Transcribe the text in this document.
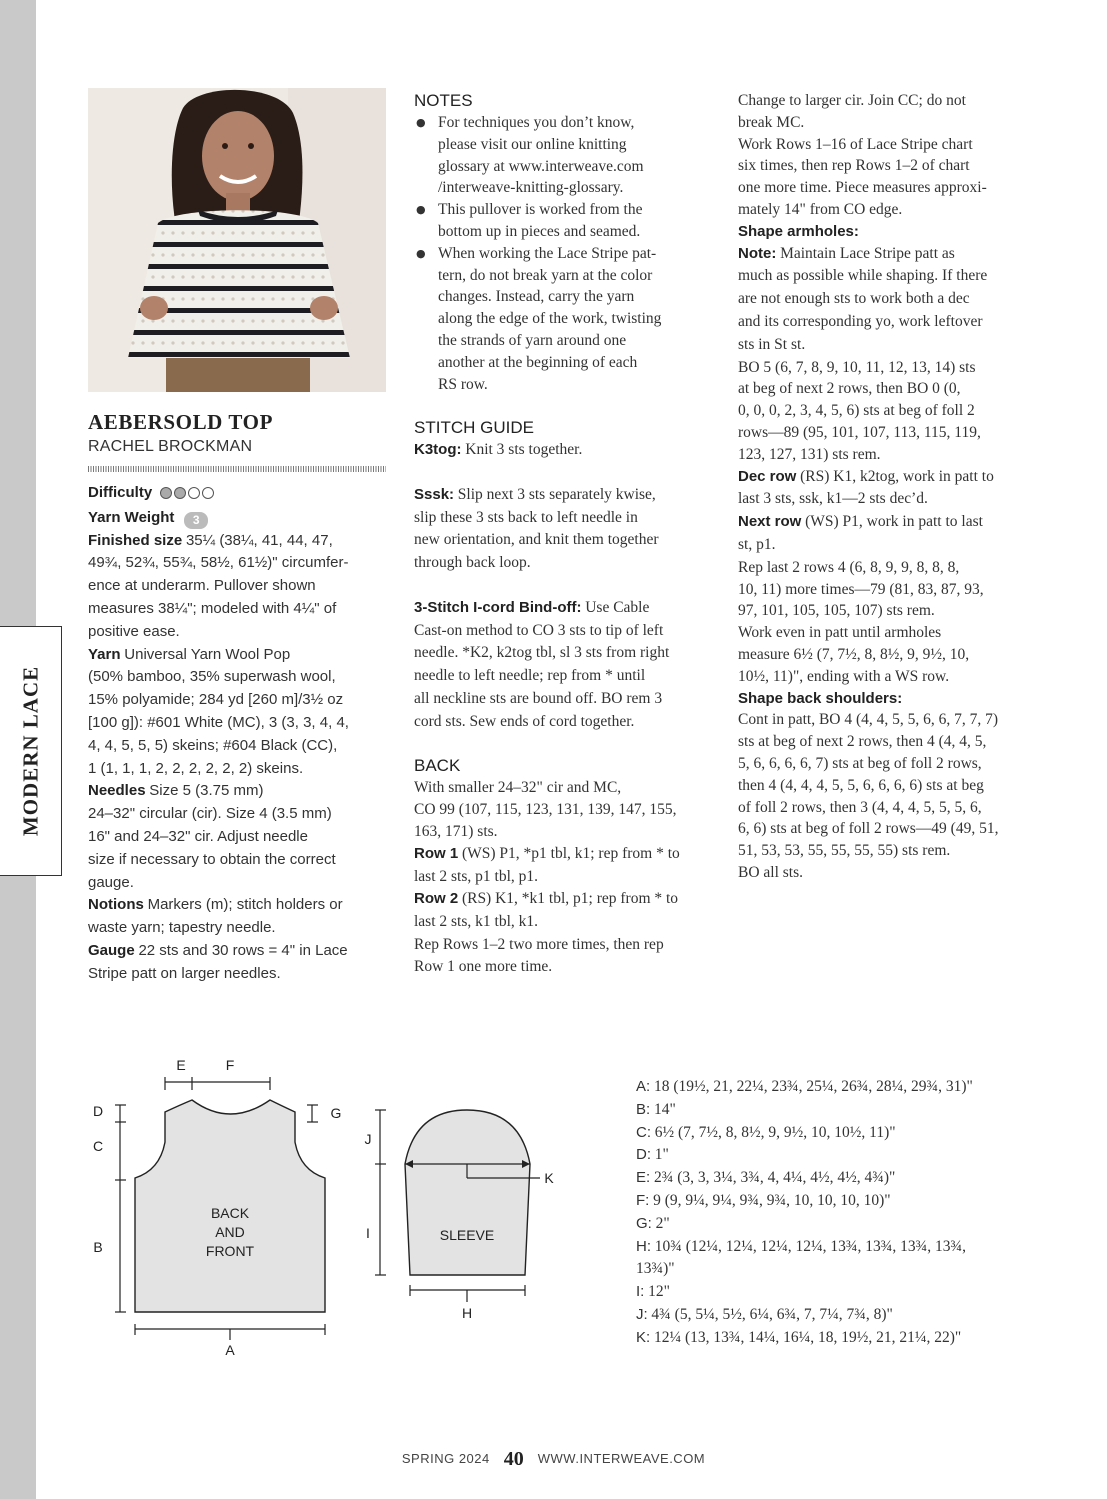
MODERN LACE
AEBERSOLD TOP
RACHEL BROCKMAN
Difficulty
Yarn Weight 3
Finished size 35¼ (38¼, 41, 44, 47,
49¾, 52¾, 55¾, 58½, 61½)" circumfer-
ence at underarm. Pullover shown
measures 38¼"; modeled with 4¼" of
positive ease.
Yarn Universal Yarn Wool Pop
(50% bamboo, 35% superwash wool,
15% polyamide; 284 yd [260 m]/3½ oz
[100 g]): #601 White (MC), 3 (3, 3, 4, 4,
4, 4, 5, 5, 5) skeins; #604 Black (CC),
1 (1, 1, 1, 2, 2, 2, 2, 2, 2) skeins.
Needles Size 5 (3.75 mm)
24–32" circular (cir). Size 4 (3.5 mm)
16" and 24–32" cir. Adjust needle
size if necessary to obtain the correct
gauge.
Notions Markers (m); stitch holders or
waste yarn; tapestry needle.
Gauge 22 sts and 30 rows = 4" in Lace
Stripe patt on larger needles.

NOTES

● For techniques you don’t know,
please visit our online knitting
glossary at www.interweave.com
/interweave-knitting-glossary.
● This pullover is worked from the
bottom up in pieces and seamed.
● When working the Lace Stripe pat-
tern, do not break yarn at the color
changes. Instead, carry the yarn
along the edge of the work, twisting
the strands of yarn around one
another at the beginning of each
RS row.

STITCH GUIDE

K3tog: Knit 3 sts together.
Sssk: Slip next 3 sts separately kwise,
slip these 3 sts back to left needle in
new orientation, and knit them together
through back loop.
3-Stitch I-cord Bind-off: Use Cable
Cast-on method to CO 3 sts to tip of left
needle. *K2, k2tog tbl, sl 3 sts from right
needle to left needle; rep from * until
all neckline sts are bound off. BO rem 3
cord sts. Sew ends of cord together.

BACK

With smaller 24–32" cir and MC,
CO 99 (107, 115, 123, 131, 139, 147, 155,
163, 171) sts.
Row 1 (WS) P1, *p1 tbl, k1; rep from * to
last 2 sts, p1 tbl, p1.
Row 2 (RS) K1, *k1 tbl, p1; rep from * to
last 2 sts, k1 tbl, k1.
Rep Rows 1–2 two more times, then rep
Row 1 one more time.
Change to larger cir. Join CC; do not
break MC.
Work Rows 1–16 of Lace Stripe chart
six times, then rep Rows 1–2 of chart
one more time. Piece measures approxi-
mately 14" from CO edge.
Shape armholes:
Note: Maintain Lace Stripe patt as
much as possible while shaping. If there
are not enough sts to work both a dec
and its corresponding yo, work leftover
sts in St st.
BO 5 (6, 7, 8, 9, 10, 11, 12, 13, 14) sts
at beg of next 2 rows, then BO 0 (0,
0, 0, 0, 2, 3, 4, 5, 6) sts at beg of foll 2
rows—89 (95, 101, 107, 113, 115, 119,
123, 127, 131) sts rem.
Dec row (RS) K1, k2tog, work in patt to
last 3 sts, ssk, k1—2 sts dec’d.
Next row (WS) P1, work in patt to last
st, p1.
Rep last 2 rows 4 (6, 8, 9, 9, 8, 8, 8,
10, 11) more times—79 (81, 83, 87, 93,
97, 101, 105, 105, 107) sts rem.
Work even in patt until armholes
measure 6½ (7, 7½, 8, 8½, 9, 9½, 10,
10½, 11)", ending with a WS row.
Shape back shoulders:
Cont in patt, BO 4 (4, 4, 5, 5, 6, 6, 7, 7, 7)
sts at beg of next 2 rows, then 4 (4, 4, 5,
5, 6, 6, 6, 6, 7) sts at beg of foll 2 rows,
then 4 (4, 4, 4, 5, 5, 6, 6, 6, 6) sts at beg
of foll 2 rows, then 3 (4, 4, 4, 5, 5, 5, 6,
6, 6) sts at beg of foll 2 rows—49 (49, 51,
51, 53, 53, 55, 55, 55, 55) sts rem.
BO all sts.
BACK
AND
FRONT
SLEEVE
A
B
C
D
E	F
G
H
I
J
K
A: 18 (19½, 21, 22¼, 23¾, 25¼, 26¾, 28¼, 29¾, 31)"
B: 14"
C: 6½ (7, 7½, 8, 8½, 9, 9½, 10, 10½, 11)"
D: 1"
E: 2¾ (3, 3, 3¼, 3¾, 4, 4¼, 4½, 4½, 4¾)"
F: 9 (9, 9¼, 9¼, 9¾, 9¾, 10, 10, 10, 10)"
G: 2"
H: 10¾ (12¼, 12¼, 12¼, 12¼, 13¾, 13¾, 13¾, 13¾,
13¾)"
I: 12"
J: 4¾ (5, 5¼, 5½, 6¼, 6¾, 7, 7¼, 7¾, 8)"
K: 12¼ (13, 13¾, 14¼, 16¼, 18, 19½, 21, 21¼, 22)"
SPRING 2024 40 WWW.INTERWEAVE.COM
